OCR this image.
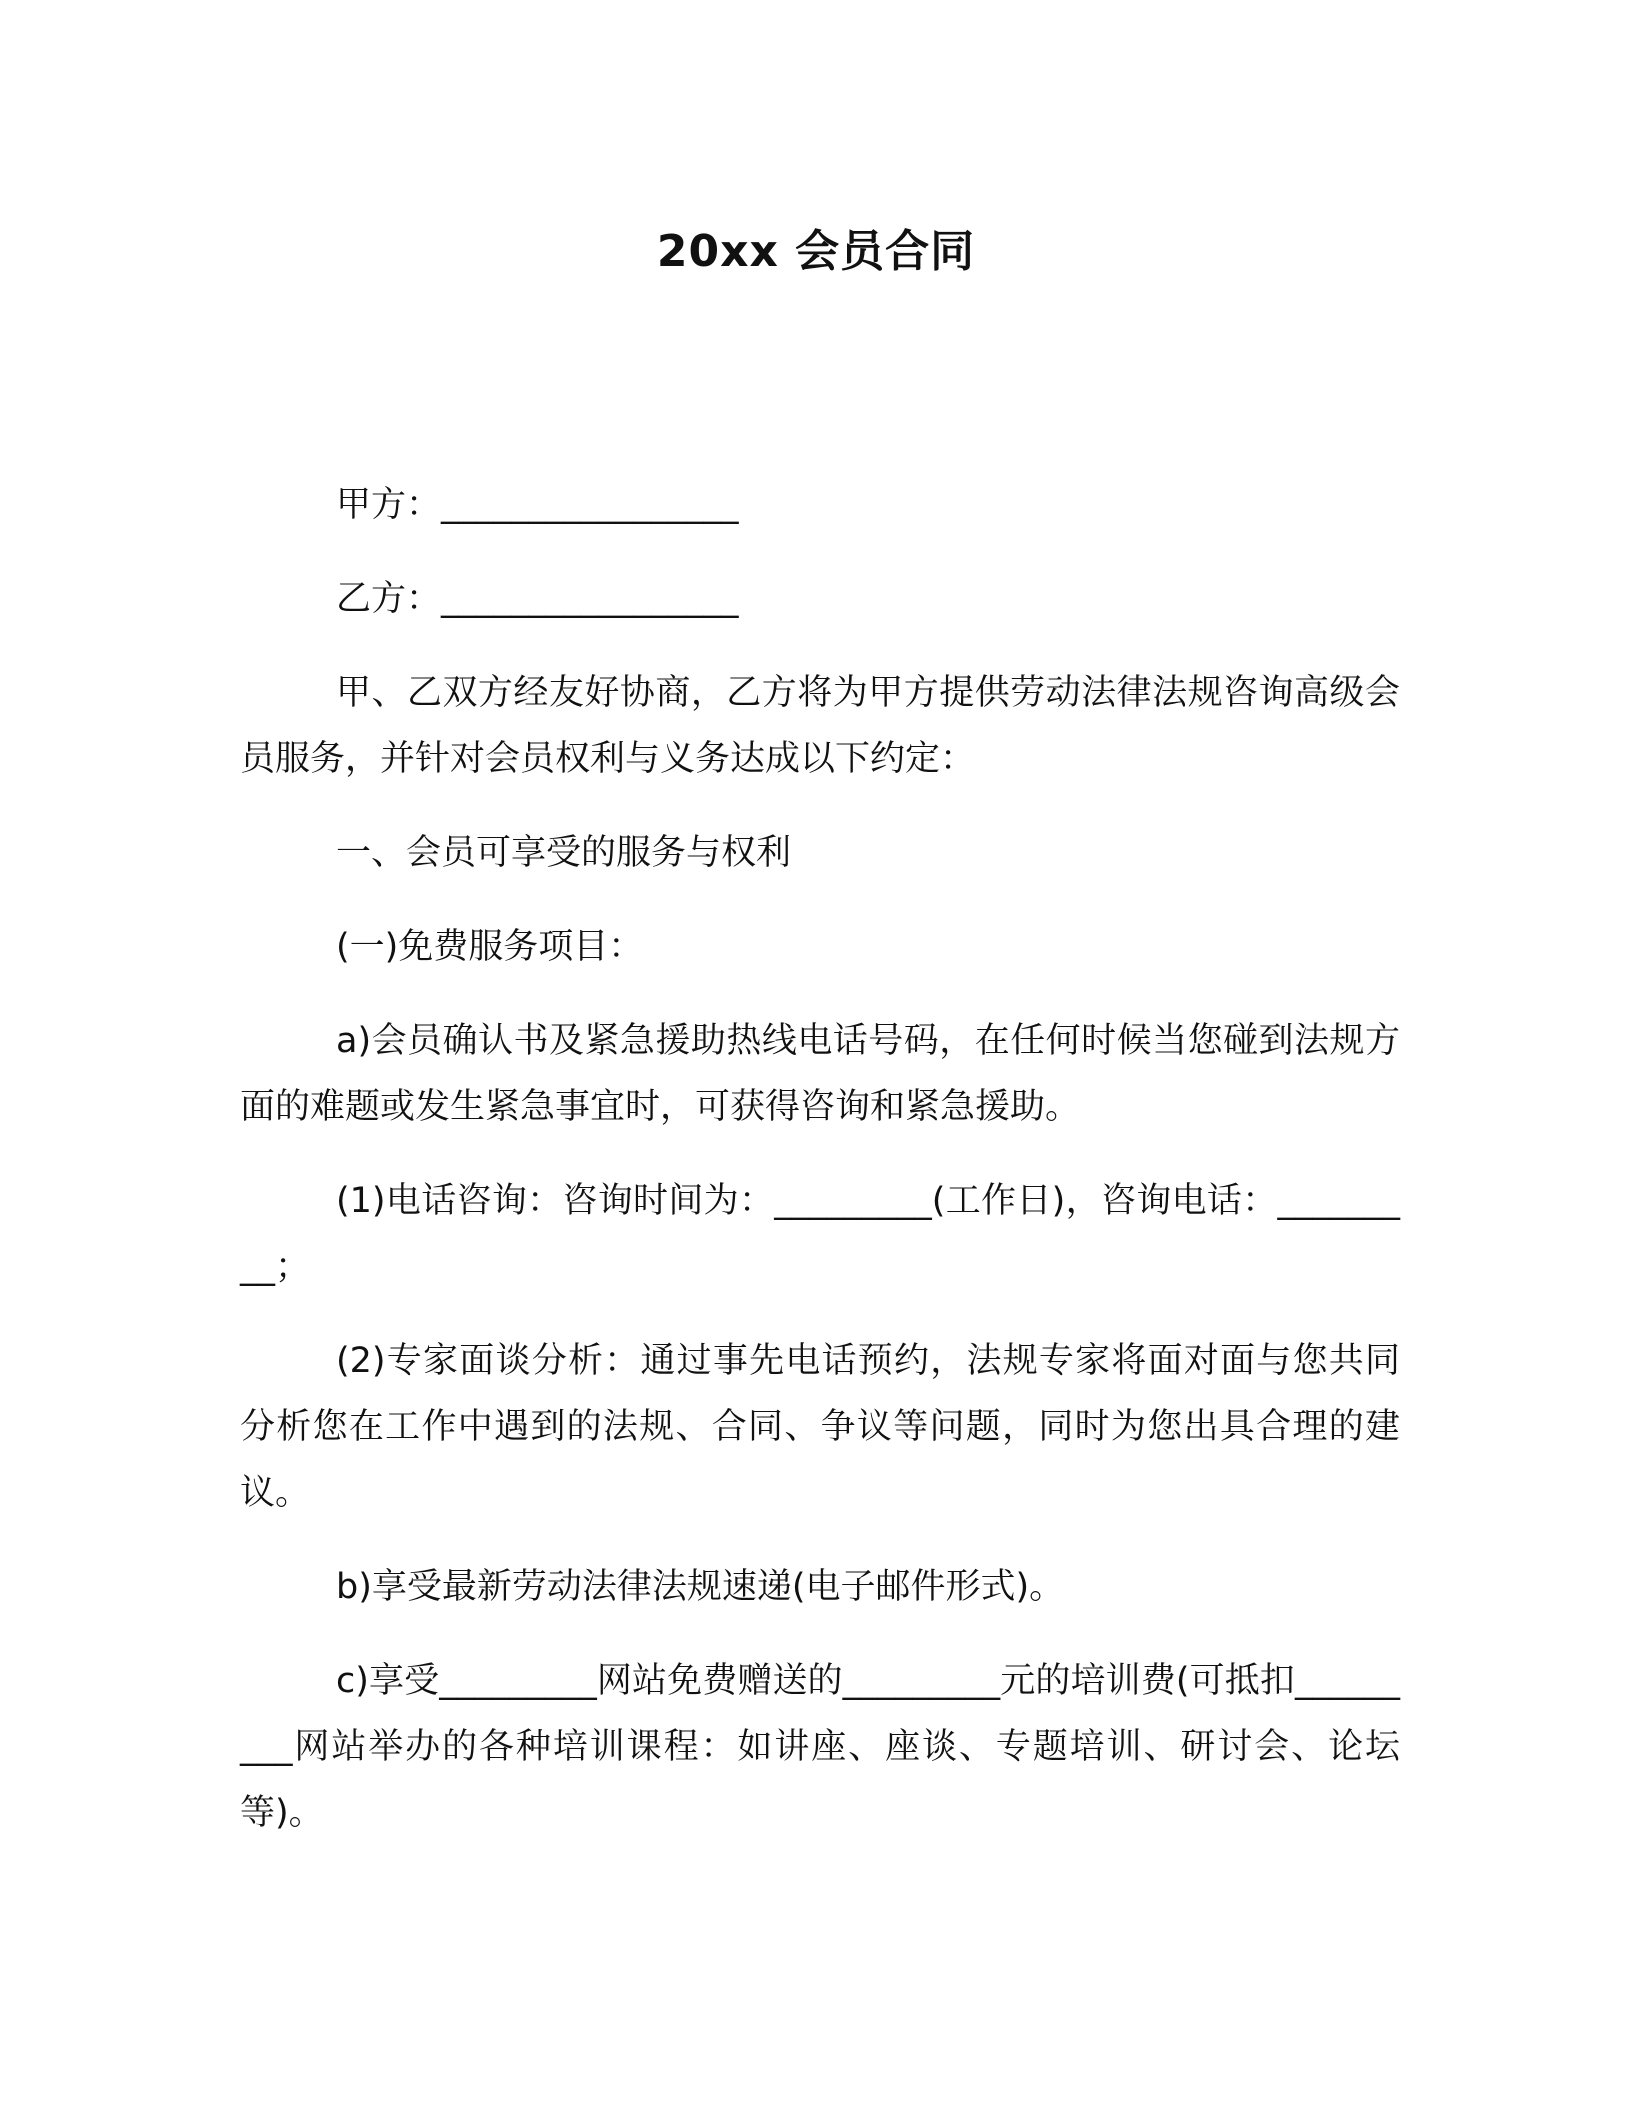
20xx 会员合同

甲方：_________________

乙方：_________________

甲、乙双方经友好协商，乙方将为甲方提供劳动法律法规咨询高级会员服务，并针对会员权利与义务达成以下约定：

一、会员可享受的服务与权利

(一)免费服务项目：

a)会员确认书及紧急援助热线电话号码，在任何时候当您碰到法规方面的难题或发生紧急事宜时，可获得咨询和紧急援助。

(1)电话咨询：咨询时间为：_________(工作日)，咨询电话：_________；

(2)专家面谈分析：通过事先电话预约，法规专家将面对面与您共同分析您在工作中遇到的法规、合同、争议等问题，同时为您出具合理的建议。

b)享受最新劳动法律法规速递(电子邮件形式)。

c)享受_________网站免费赠送的_________元的培训费(可抵扣_________网站举办的各种培训课程：如讲座、座谈、专题培训、研讨会、论坛等)。
